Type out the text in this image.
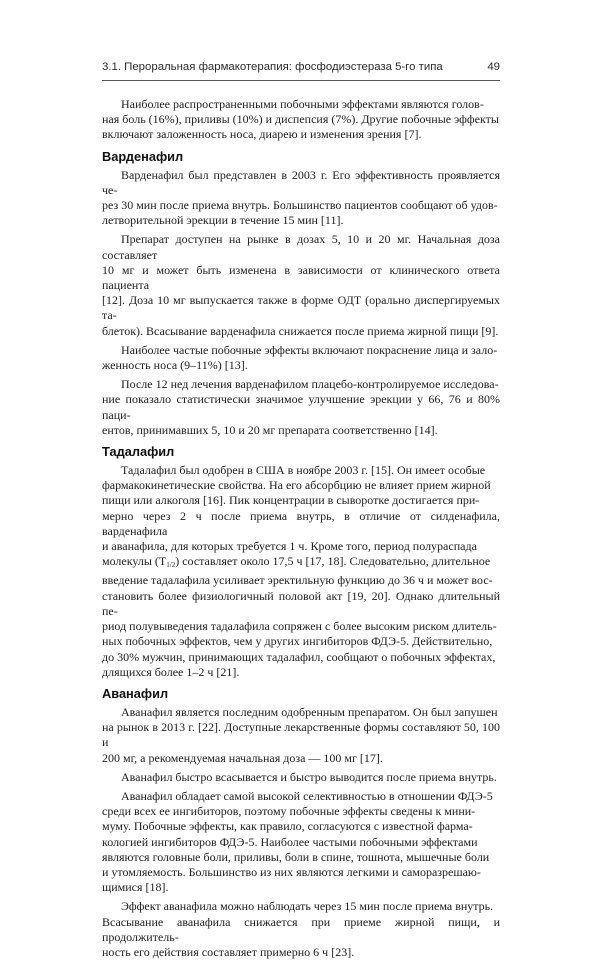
3.1. Пероральная фармакотерапия: фосфодиэстераза 5-го типа	49

Наиболее распространенными побочными эффектами являются голов-
ная боль (16%), приливы (10%) и диспепсия (7%). Другие побочные эффекты
включают заложенность носа, диарею и изменения зрения [7].

Варденафил

Варденафил был представлен в 2003 г. Его эффективность проявляется че-
рез 30 мин после приема внутрь. Большинство пациентов сообщают об удов-
летворительной эрекции в течение 15 мин [11].

Препарат доступен на рынке в дозах 5, 10 и 20 мг. Начальная доза составляет
10 мг и может быть изменена в зависимости от клинического ответа пациента
[12]. Доза 10 мг выпускается также в форме ОДТ (орально диспергируемых та-
блеток). Всасывание варденафила снижается после приема жирной пищи [9].

Наиболее частые побочные эффекты включают покраснение лица и зало-
женность носа (9–11%) [13].

После 12 нед лечения варденафилом плацебо-контролируемое исследова-
ние показало статистически значимое улучшение эрекции у 66, 76 и 80% паци-
ентов, принимавших 5, 10 и 20 мг препарата соответственно [14].

Тадалафил

Тадалафил был одобрен в США в ноябре 2003 г. [15]. Он имеет особые
фармакокинетические свойства. На его абсорбцию не влияет прием жирной
пищи или алкоголя [16]. Пик концентрации в сыворотке достигается при-
мерно через 2 ч после приема внутрь, в отличие от силденафила, варденафила
и аванафила, для которых требуется 1 ч. Кроме того, период полураспада
молекулы $(T_{1/2})$ составляет около 17,5 ч [17, 18]. Следовательно, длительное
введение тадалафила усиливает эректильную функцию до 36 ч и может вос-
становить более физиологичный половой акт [19, 20]. Однако длительный пе-
риод полувыведения тадалафила сопряжен с более высоким риском длитель-
ных побочных эффектов, чем у других ингибиторов ФДЭ-5. Действительно,
до 30% мужчин, принимающих тадалафил, сообщают о побочных эффектах,
длящихся более 1–2 ч [21].

Аванафил

Аванафил является последним одобренным препаратом. Он был запушен
на рынок в 2013 г. [22]. Доступные лекарственные формы составляют 50, 100 и
200 мг, а рекомендуемая начальная доза — 100 мг [17].

Аванафил быстро всасывается и быстро выводится после приема внутрь.

Аванафил обладает самой высокой селективностью в отношении ФДЭ-5
среди всех ее ингибиторов, поэтому побочные эффекты сведены к мини-
муму. Побочные эффекты, как правило, согласуются с известной фарма-
кологией ингибиторов ФДЭ-5. Наиболее частыми побочными эффектами
являются головные боли, приливы, боли в спине, тошнота, мышечные боли
и утомляемость. Большинство из них являются легкими и саморазрешаю-
щимися [18].

Эффект аванафила можно наблюдать через 15 мин после приема внутрь.
Всасывание аванафила снижается при приеме жирной пищи, и продолжитель-
ность его действия составляет примерно 6 ч [23].
